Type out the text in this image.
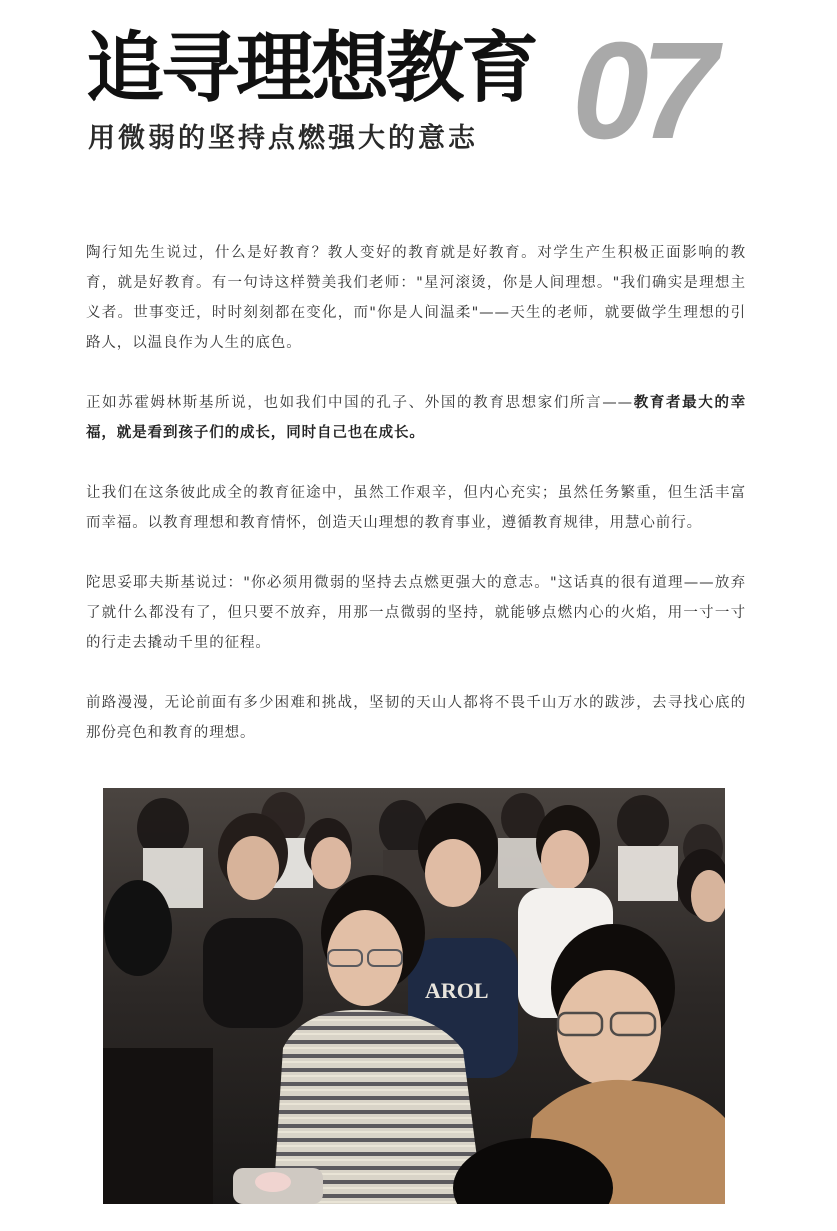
追寻理想教育 07
用微弱的坚持点燃强大的意志

陶行知先生说过，什么是好教育？教人变好的教育就是好教育。对学生产生积极正面影响的教育，就是好教育。有一句诗这样赞美我们老师："星河滚烫，你是人间理想。"我们确实是理想主义者。世事变迁，时时刻刻都在变化，而"你是人间温柔"——天生的老师，就要做学生理想的引路人，以温良作为人生的底色。

正如苏霍姆林斯基所说，也如我们中国的孔子、外国的教育思想家们所言——教育者最大的幸福，就是看到孩子们的成长，同时自己也在成长。

让我们在这条彼此成全的教育征途中，虽然工作艰辛，但内心充实；虽然任务繁重，但生活丰富而幸福。以教育理想和教育情怀，创造天山理想的教育事业，遵循教育规律，用慧心前行。

陀思妥耶夫斯基说过："你必须用微弱的坚持去点燃更强大的意志。"这话真的很有道理——放弃了就什么都没有了，但只要不放弃，用那一点微弱的坚持，就能够点燃内心的火焰，用一寸一寸的行走去撬动千里的征程。

前路漫漫，无论前面有多少困难和挑战，坚韧的天山人都将不畏千山万水的跋涉，去寻找心底的那份亮色和教育的理想。

AROL
